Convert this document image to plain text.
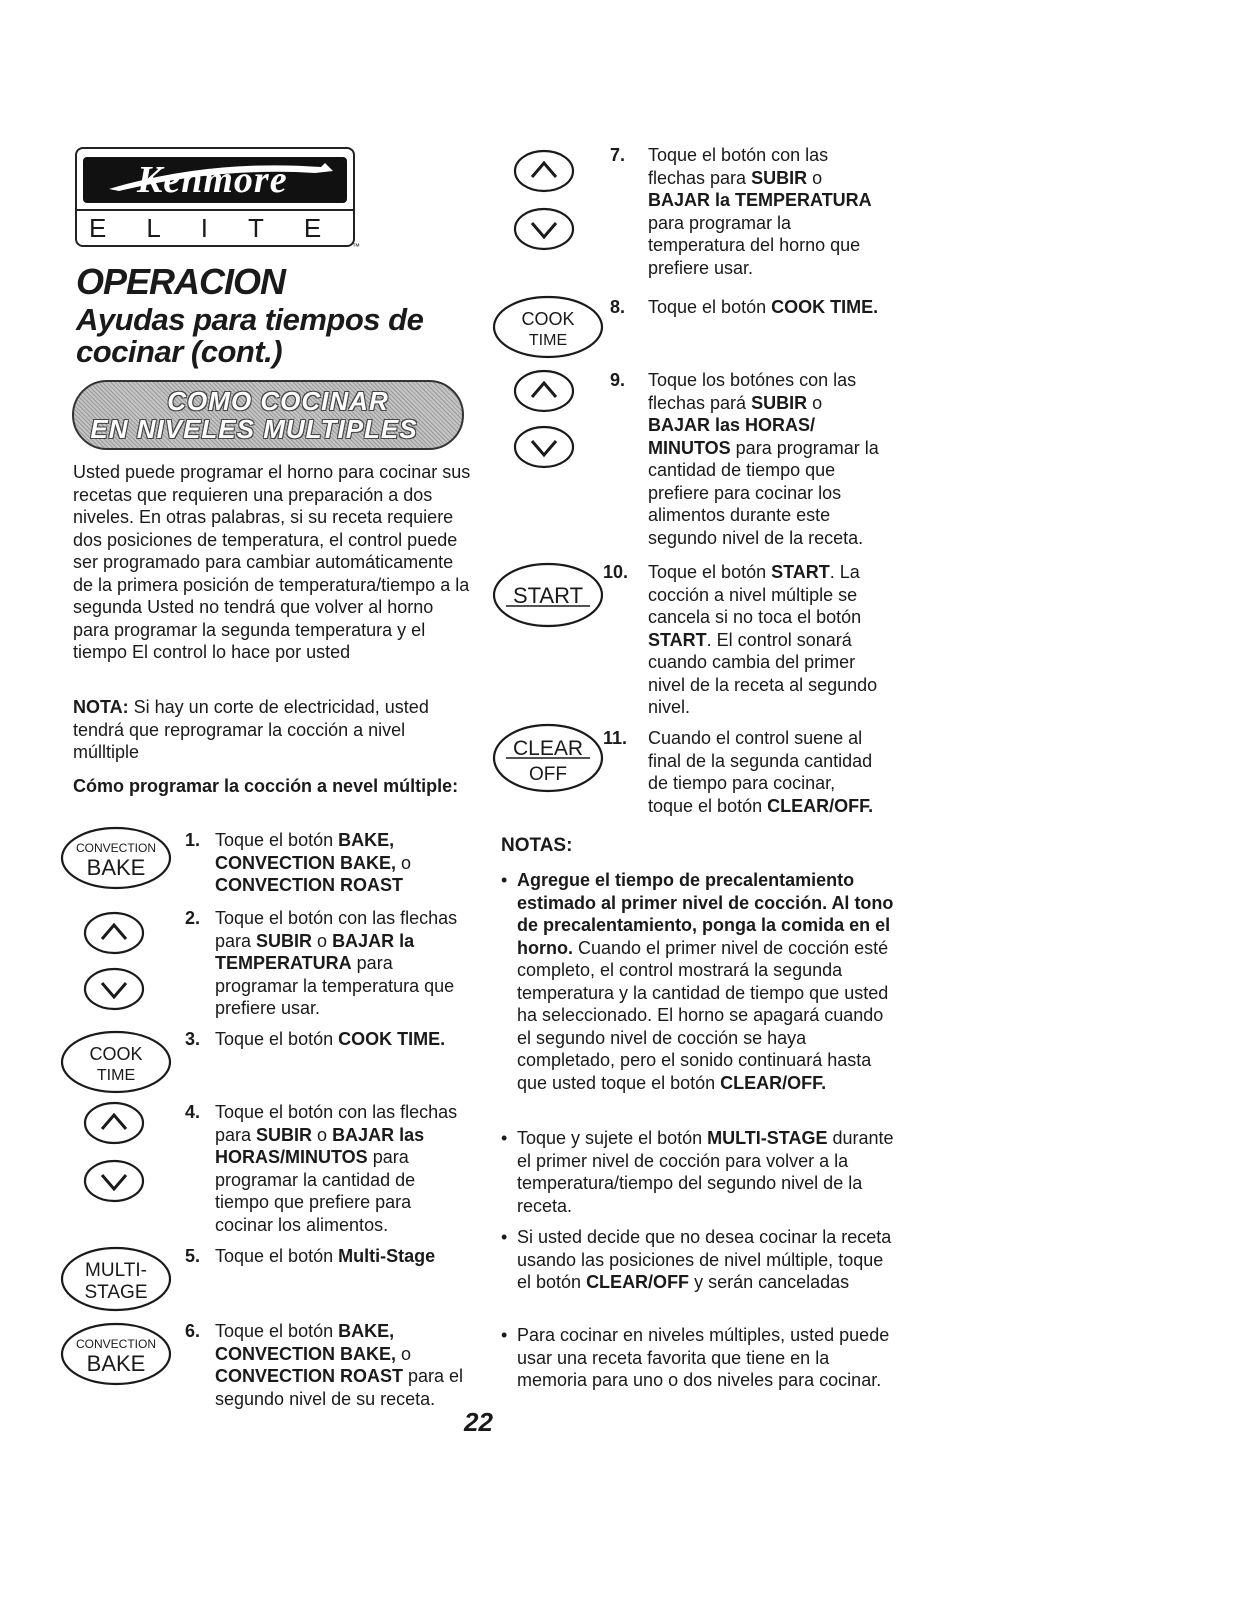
Kenmore
ELITE
™
OPERACION
Ayudas para tiempos de
cocinar (cont.)
COMO COCINAR
EN NIVELES MULTIPLES
Usted puede programar el horno para cocinar sus recetas que requieren una preparación a dos niveles. En otras palabras, si su receta requiere dos posiciones de temperatura, el control puede ser programado para cambiar automáticamente de la primera posición de temperatura/tiempo a la segunda Usted no tendrá que volver al horno para programar la segunda temperatura y el tiempo El control lo hace por usted
NOTA: Si hay un corte de electricidad, usted tendrá que reprogramar la cocción a nivel múlltiple
Cómo programar la cocción a nevel múltiple:
CONVECTION
BAKE
COOK
TIME
MULTI-
STAGE
CONVECTION
BAKE
COOK
TIME
START
CLEAR
OFF
1. Toque el botón BAKE,
CONVECTION BAKE, o
CONVECTION ROAST
2. Toque el botón con las flechas
para SUBIR o BAJAR la
TEMPERATURA para
programar la temperatura que
prefiere usar.
3. Toque el botón COOK TIME.
4. Toque el botón con las flechas
para SUBIR o BAJAR las
HORAS/MINUTOS para
programar la cantidad de
tiempo que prefiere para
cocinar los alimentos.
5. Toque el botón Multi-Stage
6. Toque el botón BAKE,
CONVECTION BAKE, o
CONVECTION ROAST para el
segundo nivel de su receta.
7. Toque el botón con las
flechas para SUBIR o
BAJAR la TEMPERATURA
para programar la
temperatura del horno que
prefiere usar.
8. Toque el botón COOK TIME.
9. Toque los botónes con las
flechas pará SUBIR o
BAJAR las HORAS/
MINUTOS para programar la
cantidad de tiempo que
prefiere para cocinar los
alimentos durante este
segundo nivel de la receta.
10. Toque el botón START. La
cocción a nivel múltiple se
cancela si no toca el botón
START. El control sonará
cuando cambia del primer
nivel de la receta al segundo
nivel.
11. Cuando el control suene al
final de la segunda cantidad
de tiempo para cocinar,
toque el botón CLEAR/OFF.
NOTAS:
• Agregue el tiempo de precalentamiento estimado al primer nivel de cocción. Al tono de precalentamiento, ponga la comida en el horno. Cuando el primer nivel de cocción esté completo, el control mostrará la segunda temperatura y la cantidad de tiempo que usted ha seleccionado. El horno se apagará cuando el segundo nivel de cocción se haya completado, pero el sonido continuará hasta que usted toque el botón CLEAR/OFF.
• Toque y sujete el botón MULTI-STAGE durante el primer nivel de cocción para volver a la temperatura/tiempo del segundo nivel de la receta.
• Si usted decide que no desea cocinar la receta usando las posiciones de nivel múltiple, toque el botón CLEAR/OFF y serán canceladas
• Para cocinar en niveles múltiples, usted puede usar una receta favorita que tiene en la memoria para uno o dos niveles para cocinar.
22
